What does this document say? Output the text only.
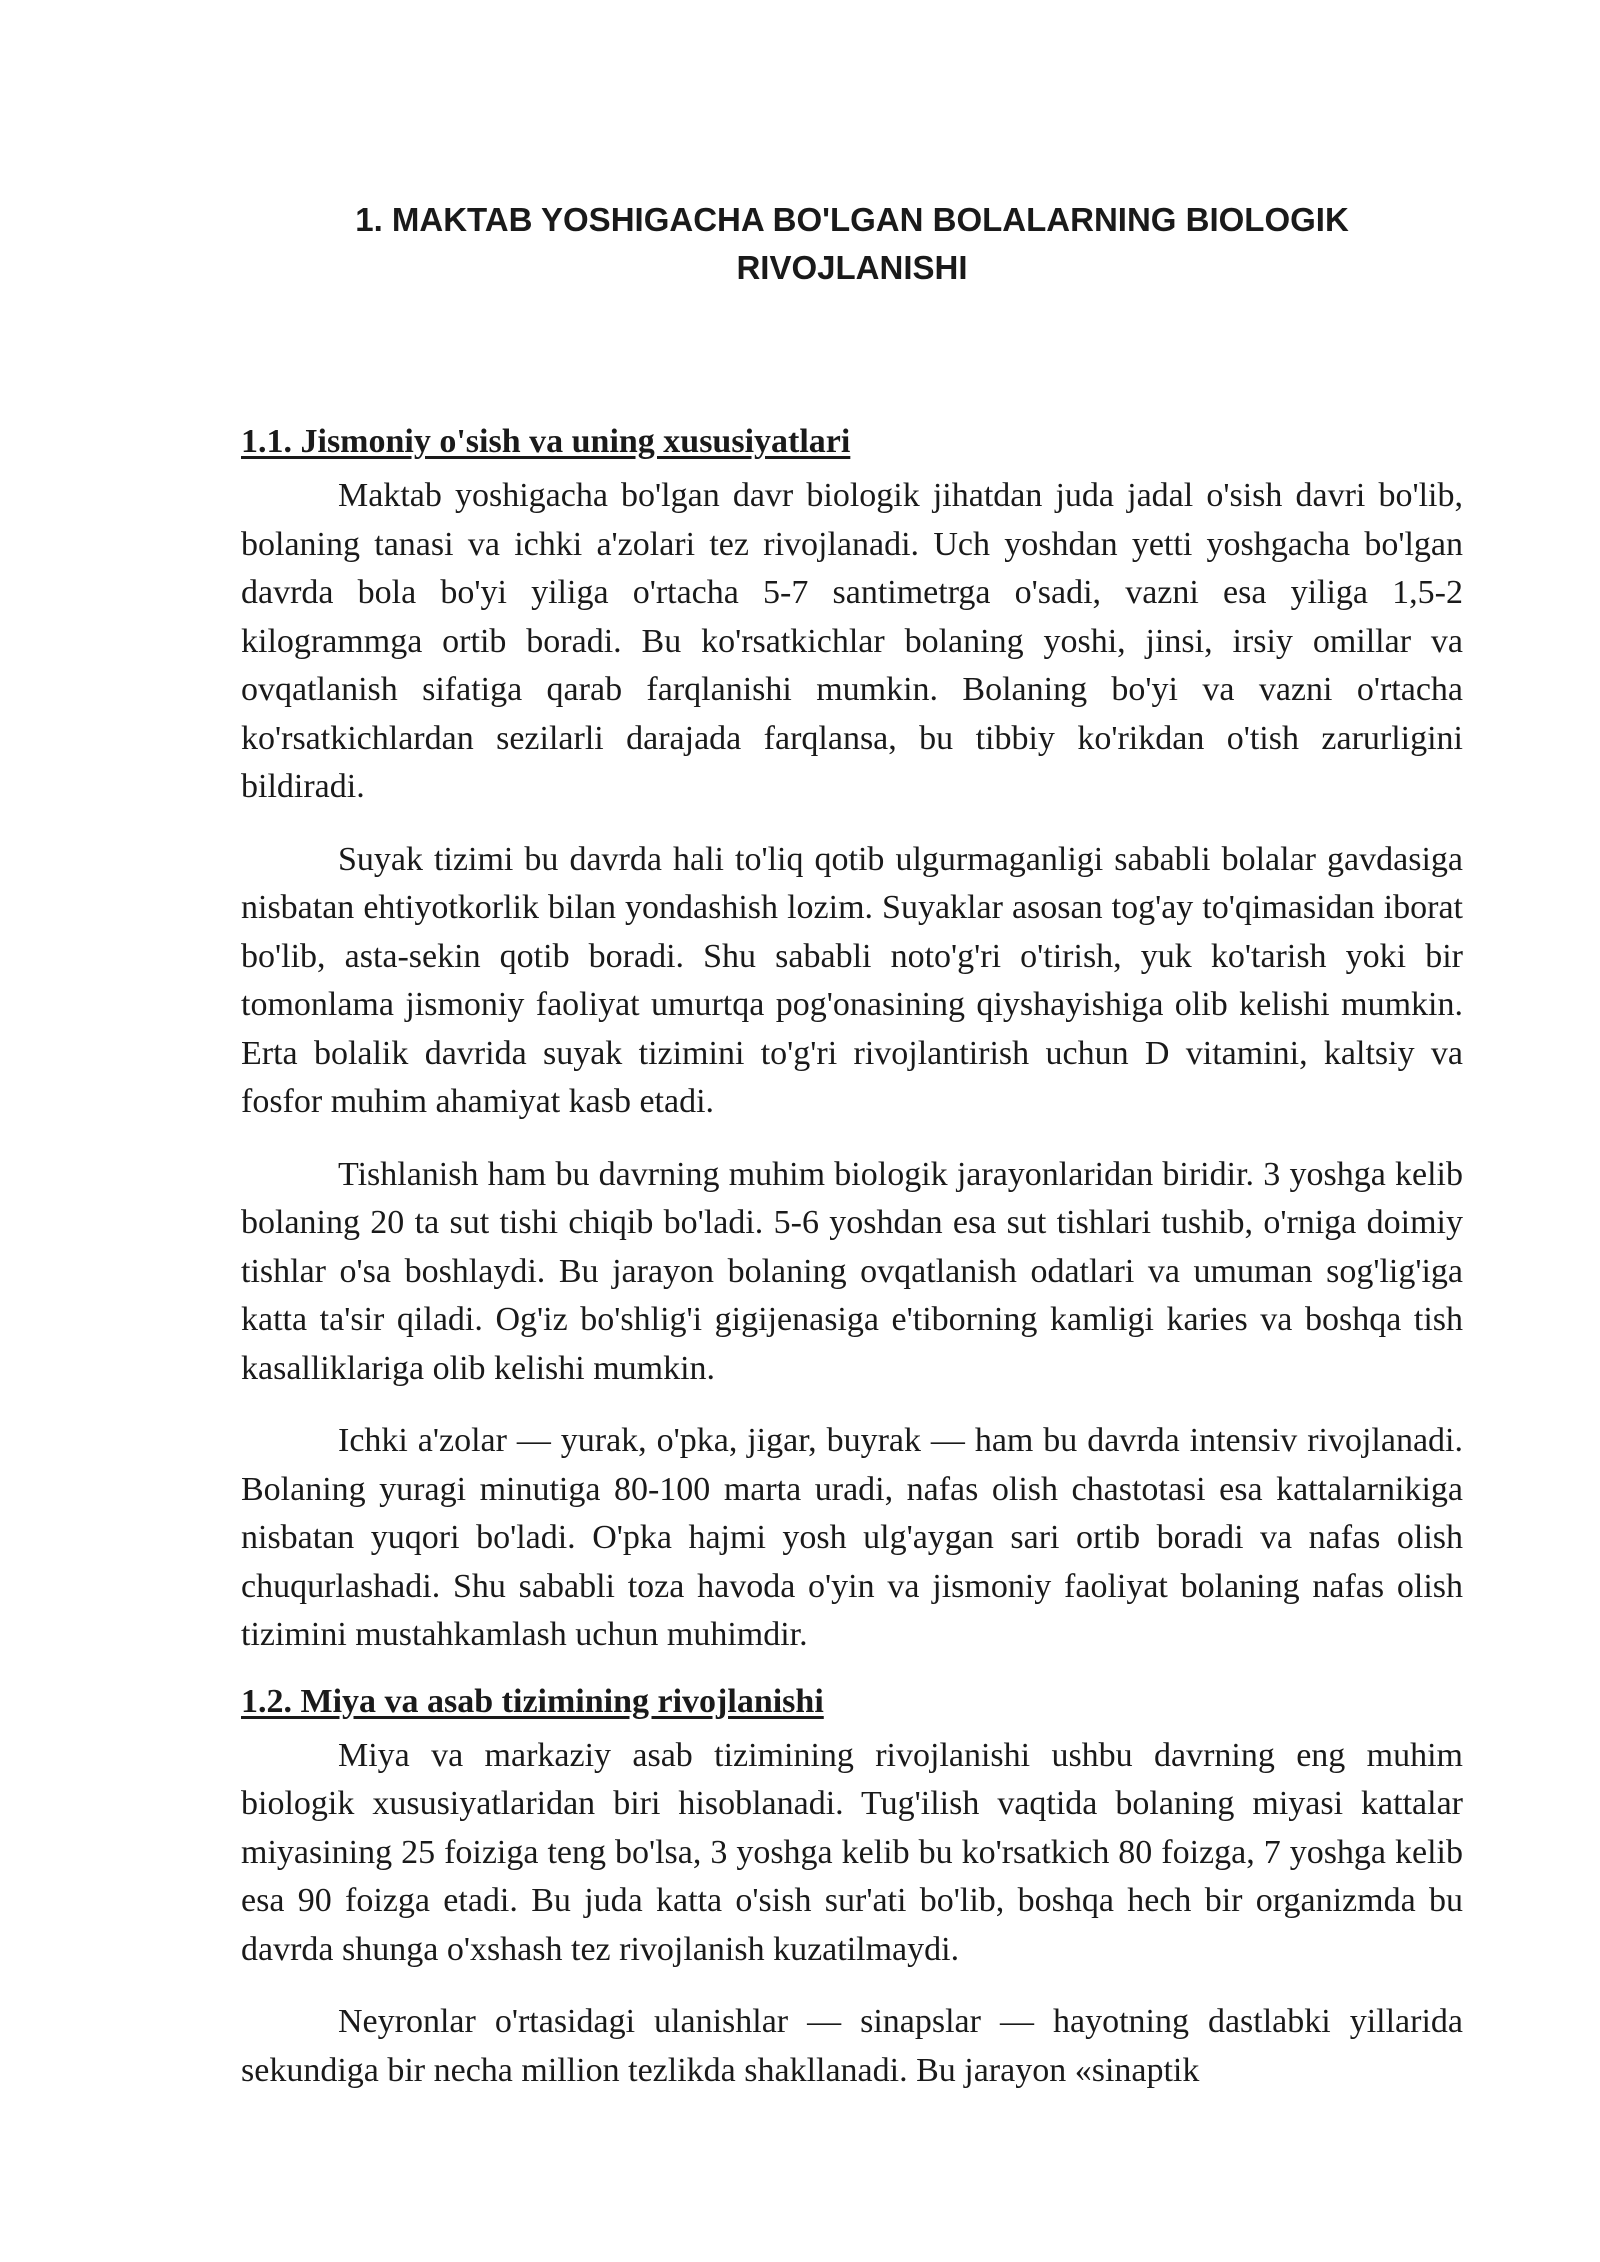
1. MAKTAB YOSHIGACHA BO'LGAN BOLALARNING BIOLOGIK
RIVOJLANISHI
1.1. Jismoniy o'sish va uning xususiyatlari

Maktab yoshigacha bo'lgan davr biologik jihatdan juda jadal o'sish davri bo'lib, bolaning tanasi va ichki a'zolari tez rivojlanadi. Uch yoshdan yetti yoshgacha bo'lgan davrda bola bo'yi yiliga o'rtacha 5-7 santimetrga o'sadi, vazni esa yiliga 1,5-2 kilogrammga ortib boradi. Bu ko'rsatkichlar bolaning yoshi, jinsi, irsiy omillar va ovqatlanish sifatiga qarab farqlanishi mumkin. Bolaning bo'yi va vazni o'rtacha ko'rsatkichlardan sezilarli darajada farqlansa, bu tibbiy ko'rikdan o'tish zarurligini bildiradi.

Suyak tizimi bu davrda hali to'liq qotib ulgurmaganligi sababli bolalar gavdasiga nisbatan ehtiyotkorlik bilan yondashish lozim. Suyaklar asosan tog'ay to'qimasidan iborat bo'lib, asta-sekin qotib boradi. Shu sababli noto'g'ri o'tirish, yuk ko'tarish yoki bir tomonlama jismoniy faoliyat umurtqa pog'onasining qiyshayishiga olib kelishi mumkin. Erta bolalik davrida suyak tizimini to'g'ri rivojlantirish uchun D vitamini, kaltsiy va fosfor muhim ahamiyat kasb etadi.

Tishlanish ham bu davrning muhim biologik jarayonlaridan biridir. 3 yoshga kelib bolaning 20 ta sut tishi chiqib bo'ladi. 5-6 yoshdan esa sut tishlari tushib, o'rniga doimiy tishlar o'sa boshlaydi. Bu jarayon bolaning ovqatlanish odatlari va umuman sog'lig'iga katta ta'sir qiladi. Og'iz bo'shlig'i gigijenasiga e'tiborning kamligi karies va boshqa tish kasalliklariga olib kelishi mumkin.

Ichki a'zolar — yurak, o'pka, jigar, buyrak — ham bu davrda intensiv rivojlanadi. Bolaning yuragi minutiga 80-100 marta uradi, nafas olish chastotasi esa kattalarnikiga nisbatan yuqori bo'ladi. O'pka hajmi yosh ulg'aygan sari ortib boradi va nafas olish chuqurlashadi. Shu sababli toza havoda o'yin va jismoniy faoliyat bolaning nafas olish tizimini mustahkamlash uchun muhimdir.

1.2. Miya va asab tizimining rivojlanishi

Miya va markaziy asab tizimining rivojlanishi ushbu davrning eng muhim biologik xususiyatlaridan biri hisoblanadi. Tug'ilish vaqtida bolaning miyasi kattalar miyasining 25 foiziga teng bo'lsa, 3 yoshga kelib bu ko'rsatkich 80 foizga, 7 yoshga kelib esa 90 foizga etadi. Bu juda katta o'sish sur'ati bo'lib, boshqa hech bir organizmda bu davrda shunga o'xshash tez rivojlanish kuzatilmaydi.

Neyronlar o'rtasidagi ulanishlar — sinapslar — hayotning dastlabki yillarida sekundiga bir necha million tezlikda shakllanadi. Bu jarayon «sinaptik
